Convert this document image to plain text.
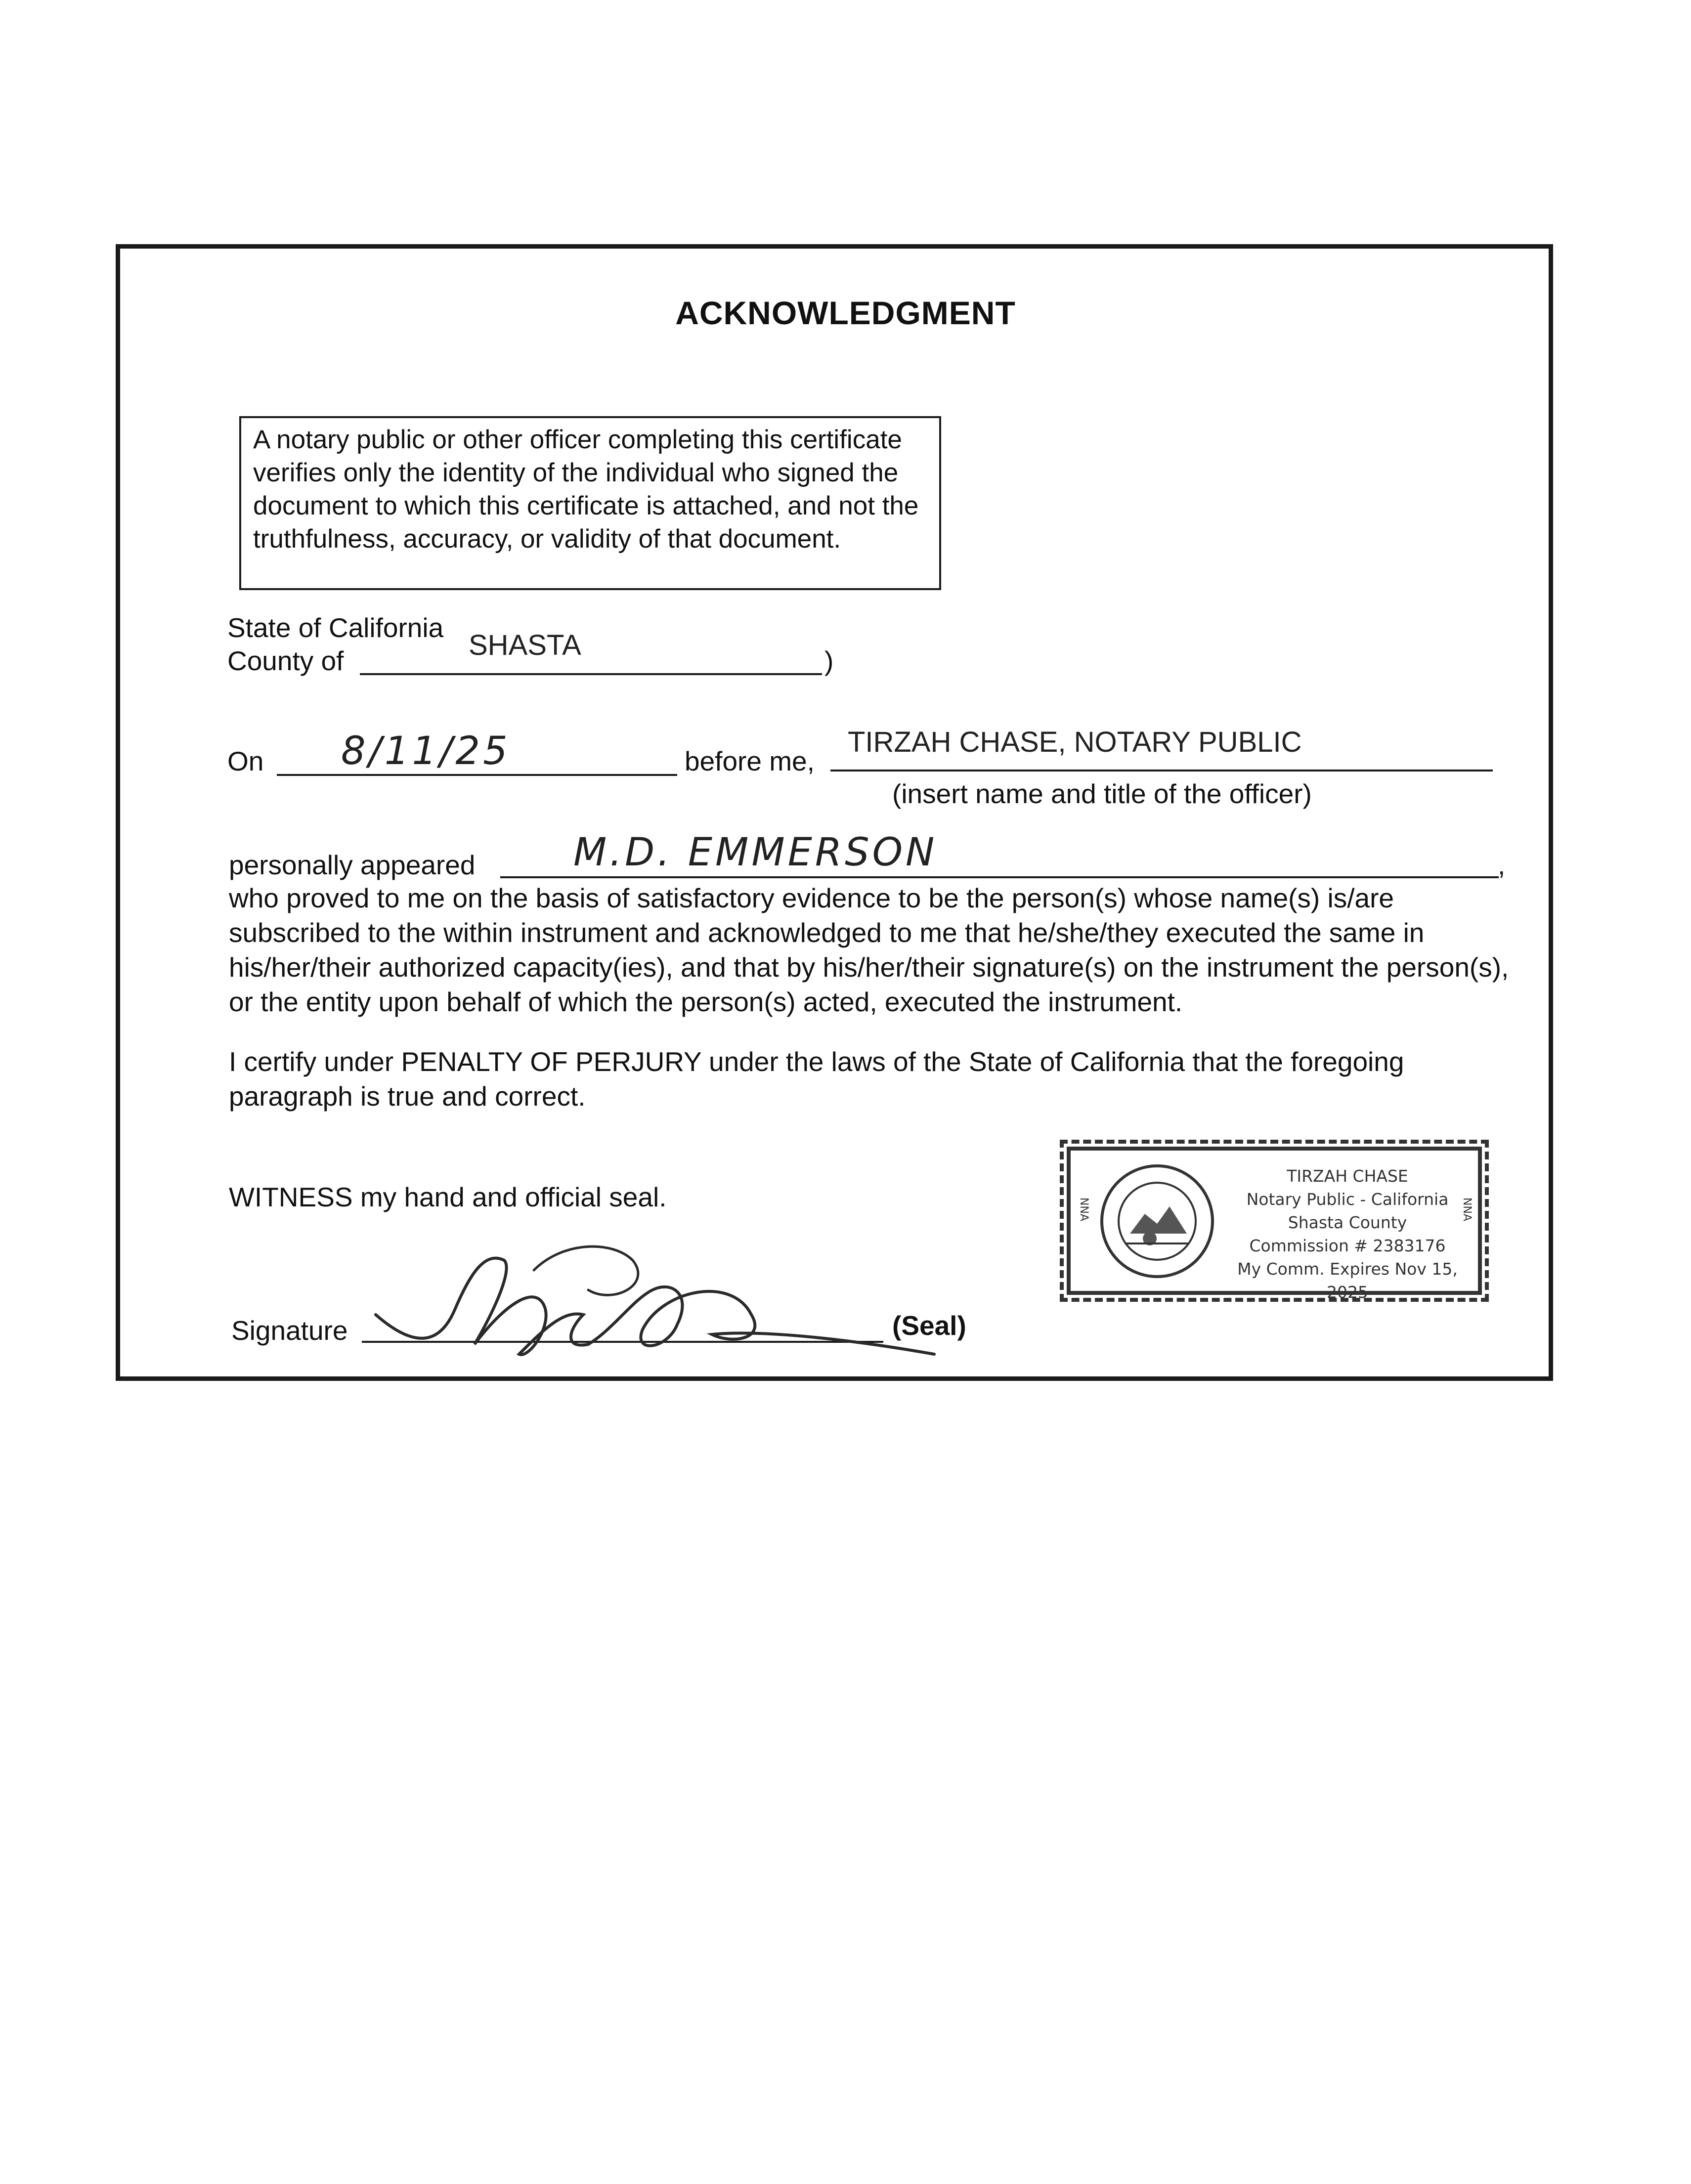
ACKNOWLEDGMENT
A notary public or other officer completing this certificate verifies only the identity of the individual who signed the document to which this certificate is attached, and not the truthfulness, accuracy, or validity of that document.
State of California
County of	SHASTA	)
On 8/11/25	before me,
TIRZAH CHASE, NOTARY PUBLIC
(insert name and title of the officer)
personally appeared	M.D. EMMERSON	,
who proved to me on the basis of satisfactory evidence to be the person(s) whose name(s) is/are subscribed to the within instrument and acknowledged to me that he/she/they executed the same in his/her/their authorized capacity(ies), and that by his/her/their signature(s) on the instrument the person(s), or the entity upon behalf of which the person(s) acted, executed the instrument.
I certify under PENALTY OF PERJURY under the laws of the State of California that the foregoing paragraph is true and correct.
WITNESS my hand and official seal.
Signature	(Seal)
NNA	NNA
TIRZAH CHASE
Notary Public - California
Shasta County
Commission # 2383176
My Comm. Expires Nov 15, 2025
